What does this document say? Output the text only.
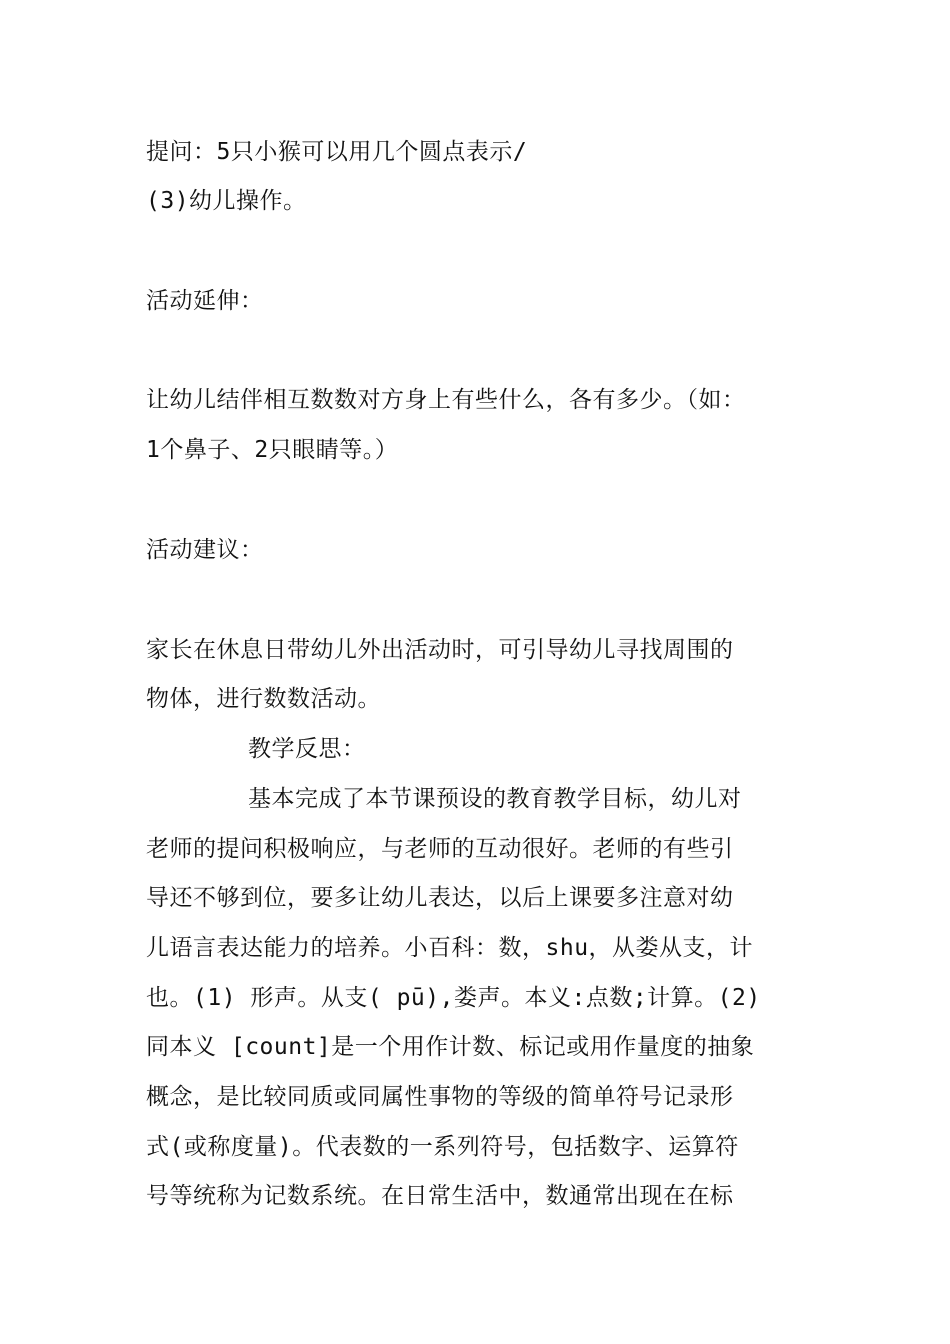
提问：5只小猴可以用几个圆点表示/
(3)幼儿操作。
活动延伸：
让幼儿结伴相互数数对方身上有些什么，各有多少。（如：
1个鼻子、2只眼睛等。）
活动建议：
家长在休息日带幼儿外出活动时，可引导幼儿寻找周围的
物体，进行数数活动。
教学反思：
基本完成了本节课预设的教育教学目标，幼儿对
老师的提问积极响应，与老师的互动很好。老师的有些引
导还不够到位，要多让幼儿表达，以后上课要多注意对幼
儿语言表达能力的培养。小百科：数，shu，从娄从支，计
也。(1) 形声。从支( pū),娄声。本义:点数;计算。(2)
同本义 [count]是一个用作计数、标记或用作量度的抽象
概念，是比较同质或同属性事物的等级的简单符号记录形
式(或称度量)。代表数的一系列符号，包括数字、运算符
号等统称为记数系统。在日常生活中，数通常出现在在标
